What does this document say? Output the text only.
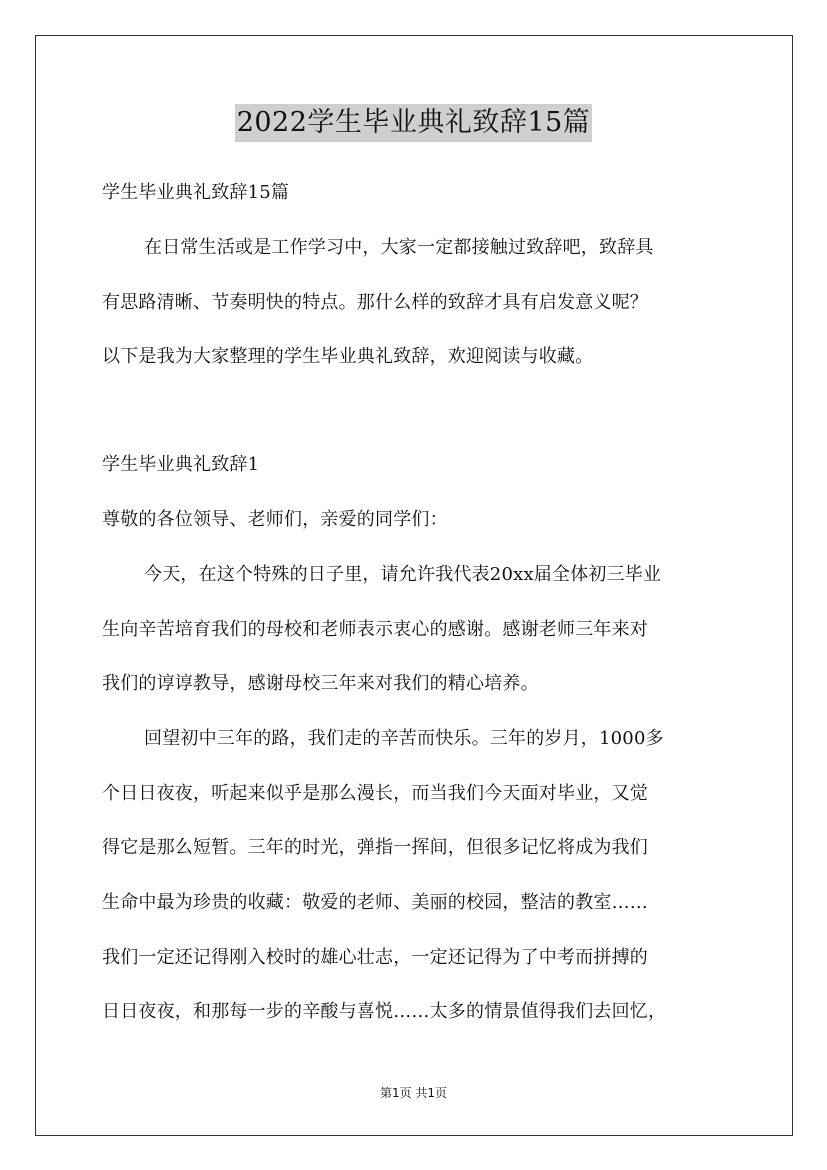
2022学生毕业典礼致辞15篇
学生毕业典礼致辞15篇
在日常生活或是工作学习中，大家一定都接触过致辞吧，致辞具
有思路清晰、节奏明快的特点。那什么样的致辞才具有启发意义呢？
以下是我为大家整理的学生毕业典礼致辞，欢迎阅读与收藏。
学生毕业典礼致辞1
尊敬的各位领导、老师们，亲爱的同学们：
今天，在这个特殊的日子里，请允许我代表20xx届全体初三毕业
生向辛苦培育我们的母校和老师表示衷心的感谢。感谢老师三年来对
我们的谆谆教导，感谢母校三年来对我们的精心培养。
回望初中三年的路，我们走的辛苦而快乐。三年的岁月，1000多
个日日夜夜，听起来似乎是那么漫长，而当我们今天面对毕业，又觉
得它是那么短暂。三年的时光，弹指一挥间，但很多记忆将成为我们
生命中最为珍贵的收藏：敬爱的老师、美丽的校园，整洁的教室……
我们一定还记得刚入校时的雄心壮志，一定还记得为了中考而拼搏的
日日夜夜，和那每一步的辛酸与喜悦……太多的情景值得我们去回忆，
第1页 共1页
